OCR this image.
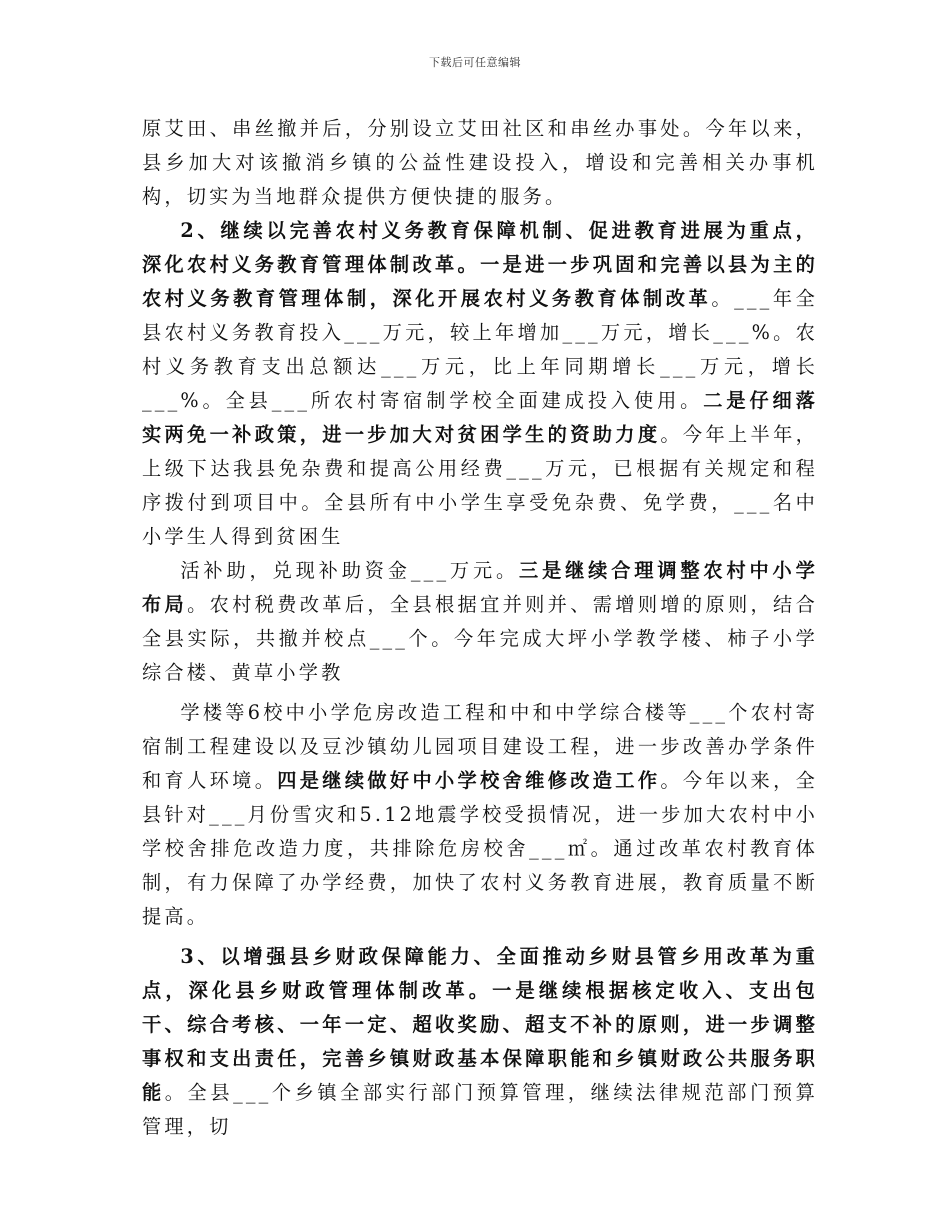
下载后可任意编辑

原艾田、串丝撤并后，分别设立艾田社区和串丝办事处。今年以来，县乡加大对该撤消乡镇的公益性建设投入，增设和完善相关办事机构，切实为当地群众提供方便快捷的服务。

2、继续以完善农村义务教育保障机制、促进教育进展为重点，深化农村义务教育管理体制改革。一是进一步巩固和完善以县为主的农村义务教育管理体制，深化开展农村义务教育体制改革。___年全县农村义务教育投入___万元，较上年增加___万元，增长___%。农村义务教育支出总额达___万元，比上年同期增长___万元，增长___%。全县___所农村寄宿制学校全面建成投入使用。二是仔细落实两免一补政策，进一步加大对贫困学生的资助力度。今年上半年，上级下达我县免杂费和提高公用经费___万元，已根据有关规定和程序拨付到项目中。全县所有中小学生享受免杂费、免学费，___名中小学生人得到贫困生

活补助，兑现补助资金___万元。三是继续合理调整农村中小学布局。农村税费改革后，全县根据宜并则并、需增则增的原则，结合全县实际，共撤并校点___个。今年完成大坪小学教学楼、柿子小学综合楼、黄草小学教

学楼等6校中小学危房改造工程和中和中学综合楼等___个农村寄宿制工程建设以及豆沙镇幼儿园项目建设工程，进一步改善办学条件和育人环境。四是继续做好中小学校舍维修改造工作。今年以来，全县针对___月份雪灾和5.12地震学校受损情况，进一步加大农村中小学校舍排危改造力度，共排除危房校舍___㎡。通过改革农村教育体制，有力保障了办学经费，加快了农村义务教育进展，教育质量不断提高。

3、以增强县乡财政保障能力、全面推动乡财县管乡用改革为重点，深化县乡财政管理体制改革。一是继续根据核定收入、支出包干、综合考核、一年一定、超收奖励、超支不补的原则，进一步调整事权和支出责任，完善乡镇财政基本保障职能和乡镇财政公共服务职能。全县___个乡镇全部实行部门预算管理，继续法律规范部门预算管理，切
